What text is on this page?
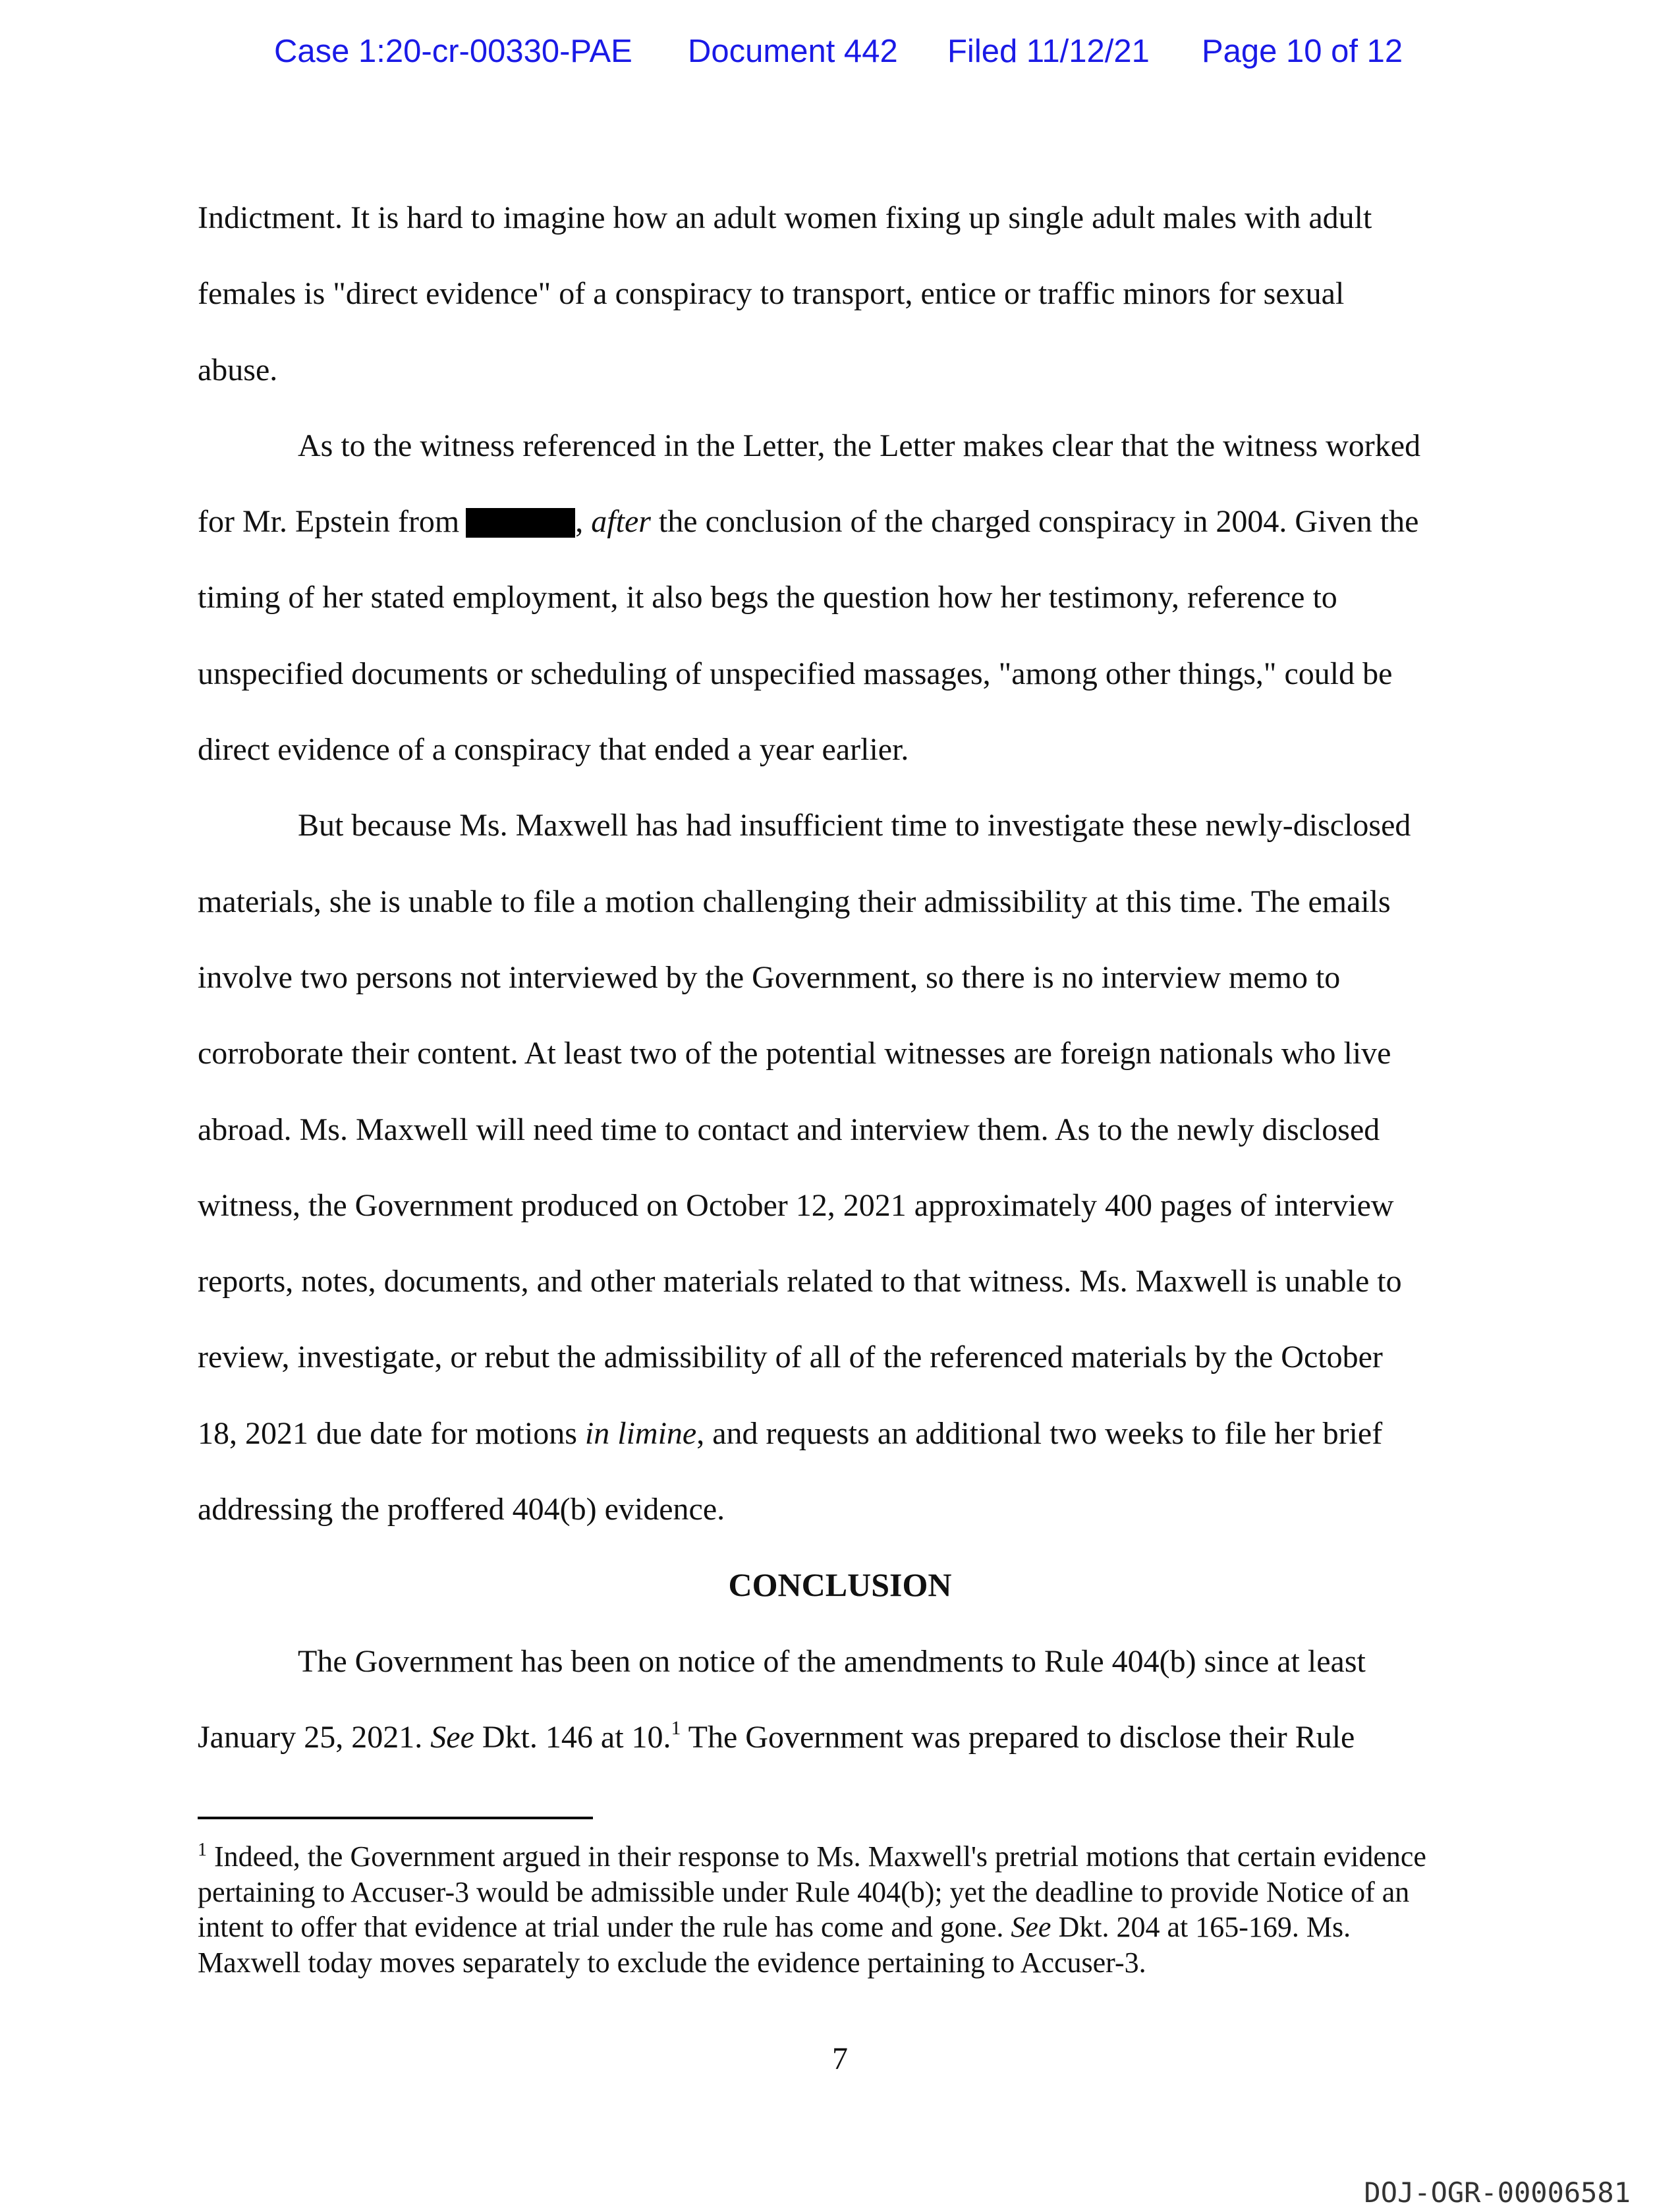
Case 1:20-cr-00330-PAE Document 442 Filed 11/12/21 Page 10 of 12
Indictment. It is hard to imagine how an adult women fixing up single adult males with adult
females is "direct evidence" of a conspiracy to transport, entice or traffic minors for sexual
abuse.
As to the witness referenced in the Letter, the Letter makes clear that the witness worked
for Mr. Epstein from	, after the conclusion of the charged conspiracy in 2004. Given the
timing of her stated employment, it also begs the question how her testimony, reference to
unspecified documents or scheduling of unspecified massages, "among other things," could be
direct evidence of a conspiracy that ended a year earlier.
But because Ms. Maxwell has had insufficient time to investigate these newly-disclosed
materials, she is unable to file a motion challenging their admissibility at this time. The emails
involve two persons not interviewed by the Government, so there is no interview memo to
corroborate their content. At least two of the potential witnesses are foreign nationals who live
abroad. Ms. Maxwell will need time to contact and interview them. As to the newly disclosed
witness, the Government produced on October 12, 2021 approximately 400 pages of interview
reports, notes, documents, and other materials related to that witness. Ms. Maxwell is unable to
review, investigate, or rebut the admissibility of all of the referenced materials by the October
18, 2021 due date for motions in limine, and requests an additional two weeks to file her brief
addressing the proffered 404(b) evidence.
CONCLUSION
The Government has been on notice of the amendments to Rule 404(b) since at least
January 25, 2021. See Dkt. 146 at 10.$^1$ The Government was prepared to disclose their Rule
$^1$ Indeed, the Government argued in their response to Ms. Maxwell's pretrial motions that certain evidence
pertaining to Accuser-3 would be admissible under Rule 404(b); yet the deadline to provide Notice of an
intent to offer that evidence at trial under the rule has come and gone. See Dkt. 204 at 165-169. Ms.
Maxwell today moves separately to exclude the evidence pertaining to Accuser-3.
7
DOJ-OGR-00006581
